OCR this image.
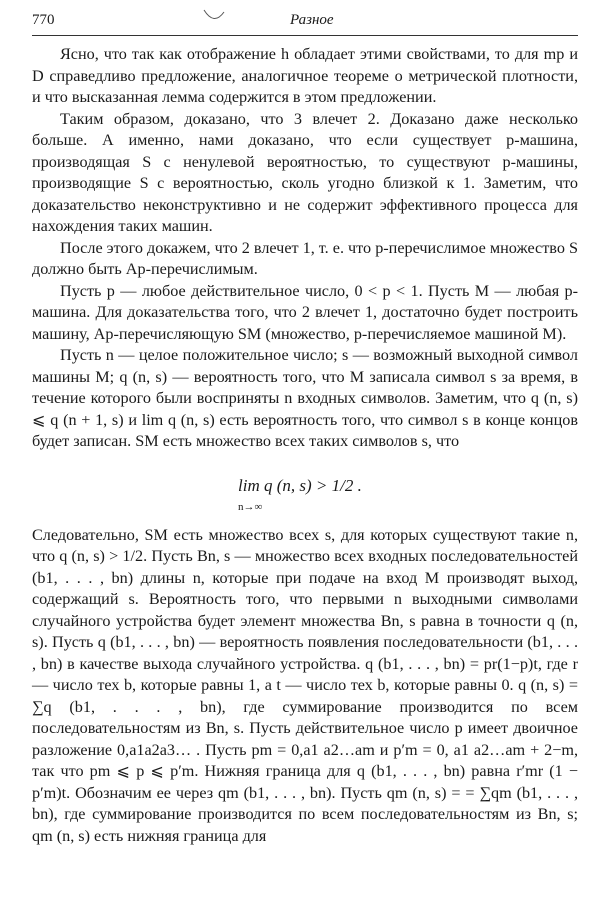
770	Разное

Ясно, что так как отображение h обладает этими свойствами, то для mp и D справедливо предложение, аналогичное теореме о метрической плотности, и что высказанная лемма содержится в этом предложении.

Таким образом, доказано, что 3 влечет 2. Доказано даже несколько больше. А именно, нами доказано, что если существует p-машина, производящая S с ненулевой вероятностью, то существуют p-машины, производящие S с вероятностью, сколь угодно близкой к 1. Заметим, что доказательство неконструктивно и не содержит эффективного процесса для нахождения таких машин.

После этого докажем, что 2 влечет 1, т. е. что p-перечислимое множество S должно быть Ap-перечислимым.

Пусть p — любое действительное число, 0 < p < 1. Пусть M — любая p-машина. Для доказательства того, что 2 влечет 1, достаточно будет построить машину, Ap-перечисляющую SM (множество, p-перечисляемое машиной M).

Пусть n — целое положительное число; s — возможный выходной символ машины M; q (n, s) — вероятность того, что M записала символ s за время, в течение которого были восприняты n входных символов. Заметим, что q (n, s) ⩽ q (n + 1, s) и lim q (n, s) есть вероятность того, что символ s в конце концов будет записан. SM есть множество всех таких символов s, что

lim q (n, s) > 1/2 .
n→∞

Следовательно, SM есть множество всех s, для которых существуют такие n, что q (n, s) > 1/2. Пусть Bn, s — множество всех входных последовательностей (b1, . . . , bn) длины n, которые при подаче на вход M производят выход, содержащий s. Вероятность того, что первыми n выходными символами случайного устройства будет элемент множества Bn, s равна в точности q (n, s). Пусть q (b1, . . . , bn) — вероятность появления последовательности (b1, . . . , bn) в качестве выхода случайного устройства. q (b1, . . . , bn) = pr(1−p)t, где r — число тех b, которые равны 1, а t — число тех b, которые равны 0. q (n, s) = ∑q (b1, . . . , bn), где суммирование производится по всем последовательностям из Bn, s. Пусть действительное число p имеет двоичное разложение 0,a1a2a3… . Пусть pm = 0,a1 a2…am и p′m = 0, a1 a2…am + 2−m, так что pm ⩽ p ⩽ p′m. Нижняя граница для q (b1, . . . , bn) равна r′mr (1 − p′m)t. Обозначим ее через qm (b1, . . . , bn). Пусть qm (n, s) = = ∑qm (b1, . . . , bn), где суммирование производится по всем последовательностям из Bn, s; qm (n, s) есть нижняя граница для
